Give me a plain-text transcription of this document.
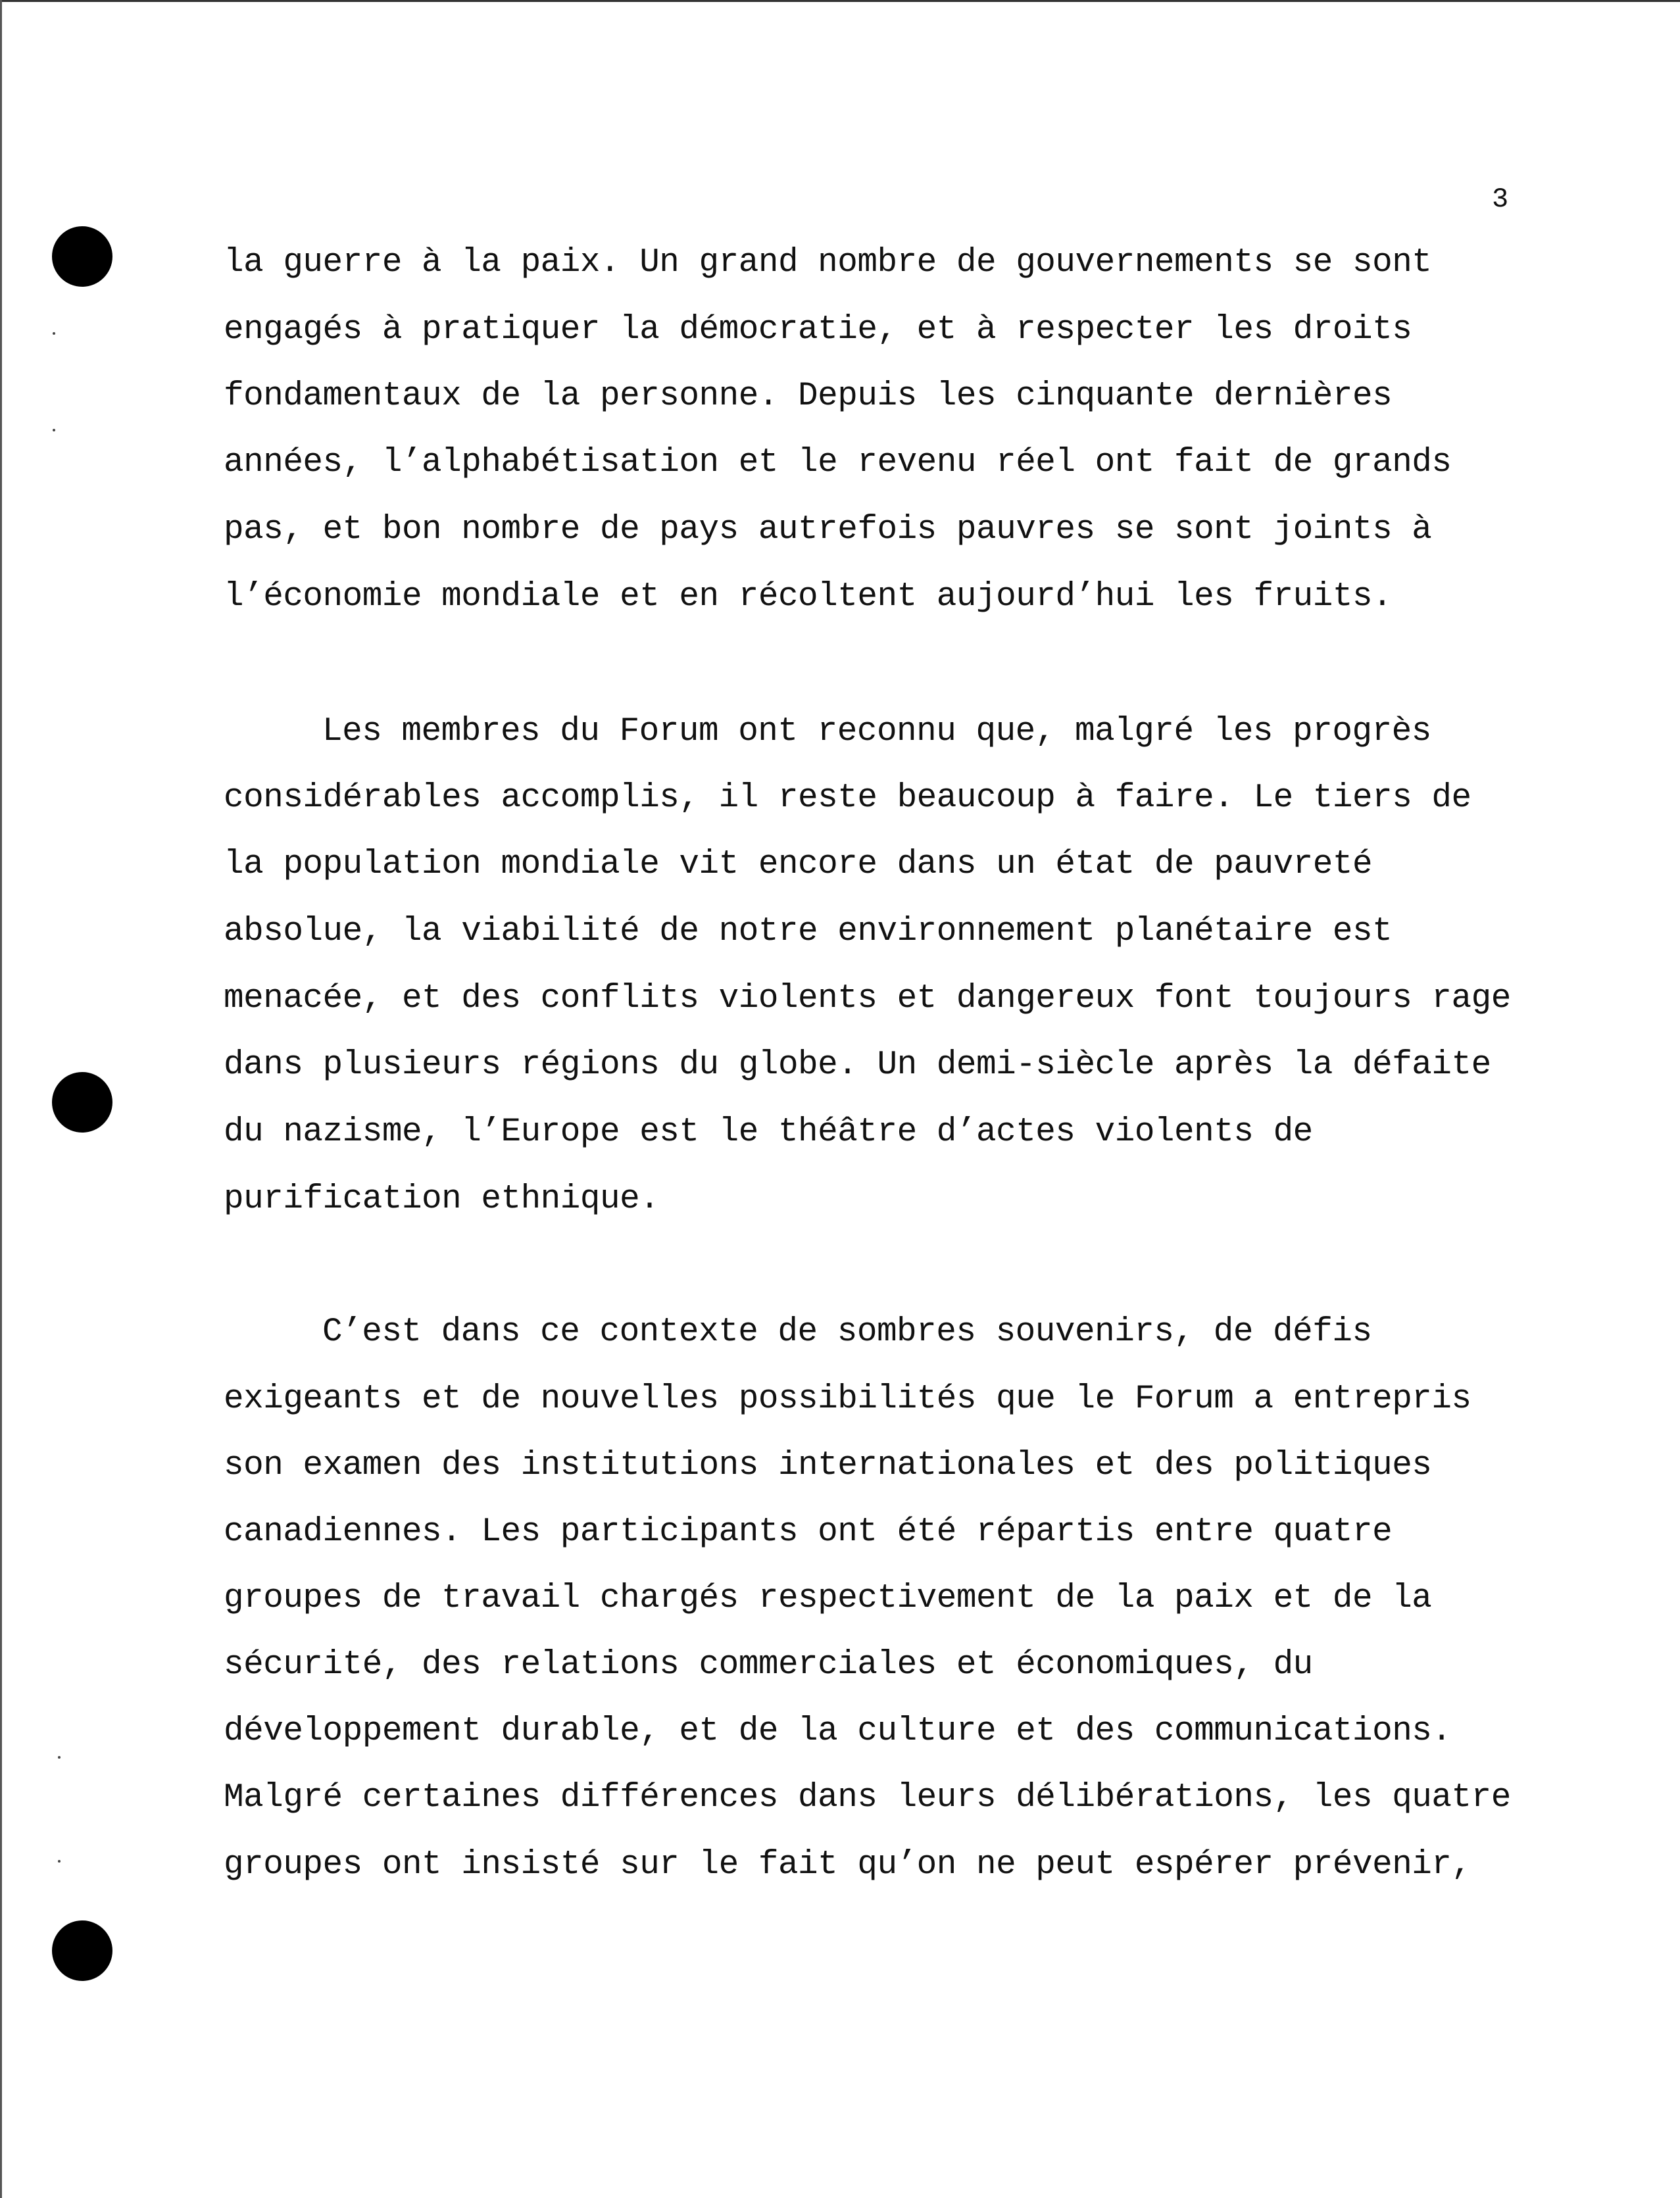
3
la guerre à la paix. Un grand nombre de gouvernements se sont
engagés à pratiquer la démocratie, et à respecter les droits
fondamentaux de la personne. Depuis les cinquante dernières
années, l’alphabétisation et le revenu réel ont fait de grands
pas, et bon nombre de pays autrefois pauvres se sont joints à
l’économie mondiale et en récoltent aujourd’hui les fruits.
Les membres du Forum ont reconnu que, malgré les progrès
considérables accomplis, il reste beaucoup à faire. Le tiers de
la population mondiale vit encore dans un état de pauvreté
absolue, la viabilité de notre environnement planétaire est
menacée, et des conflits violents et dangereux font toujours rage
dans plusieurs régions du globe. Un demi-siècle après la défaite
du nazisme, l’Europe est le théâtre d’actes violents de
purification ethnique.
C’est dans ce contexte de sombres souvenirs, de défis
exigeants et de nouvelles possibilités que le Forum a entrepris
son examen des institutions internationales et des politiques
canadiennes. Les participants ont été répartis entre quatre
groupes de travail chargés respectivement de la paix et de la
sécurité, des relations commerciales et économiques, du
développement durable, et de la culture et des communications.
Malgré certaines différences dans leurs délibérations, les quatre
groupes ont insisté sur le fait qu’on ne peut espérer prévenir,
